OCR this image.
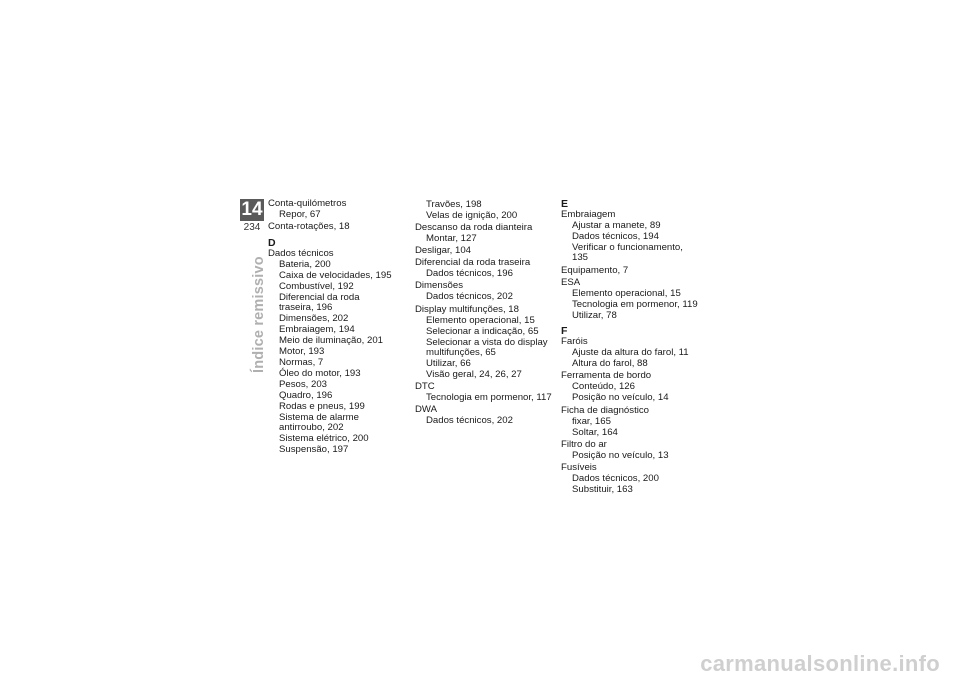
14
234
Índice remissivo
Conta-quilómetros
Repor, 67
Conta-rotações, 18
D
Dados técnicos
Bateria, 200
Caixa de velocidades, 195
Combustível, 192
Diferencial da roda
traseira, 196
Dimensões, 202
Embraiagem, 194
Meio de iluminação, 201
Motor, 193
Normas, 7
Óleo do motor, 193
Pesos, 203
Quadro, 196
Rodas e pneus, 199
Sistema de alarme
antirroubo, 202
Sistema elétrico, 200
Suspensão, 197
Travões, 198
Velas de ignição, 200
Descanso da roda dianteira
Montar, 127
Desligar, 104
Diferencial da roda traseira
Dados técnicos, 196
Dimensões
Dados técnicos, 202
Display multifunções, 18
Elemento operacional, 15
Selecionar a indicação, 65
Selecionar a vista do display
multifunções, 65
Utilizar, 66
Visão geral, 24, 26, 27
DTC
Tecnologia em pormenor, 117
DWA
Dados técnicos, 202
E
Embraiagem
Ajustar a manete, 89
Dados técnicos, 194
Verificar o funcionamento, 135
Equipamento, 7
ESA
Elemento operacional, 15
Tecnologia em pormenor, 119
Utilizar, 78
F
Faróis
Ajuste da altura do farol, 11
Altura do farol, 88
Ferramenta de bordo
Conteúdo, 126
Posição no veículo, 14
Ficha de diagnóstico
fixar, 165
Soltar, 164
Filtro do ar
Posição no veículo, 13
Fusíveis
Dados técnicos, 200
Substituir, 163
carmanualsonline.info
